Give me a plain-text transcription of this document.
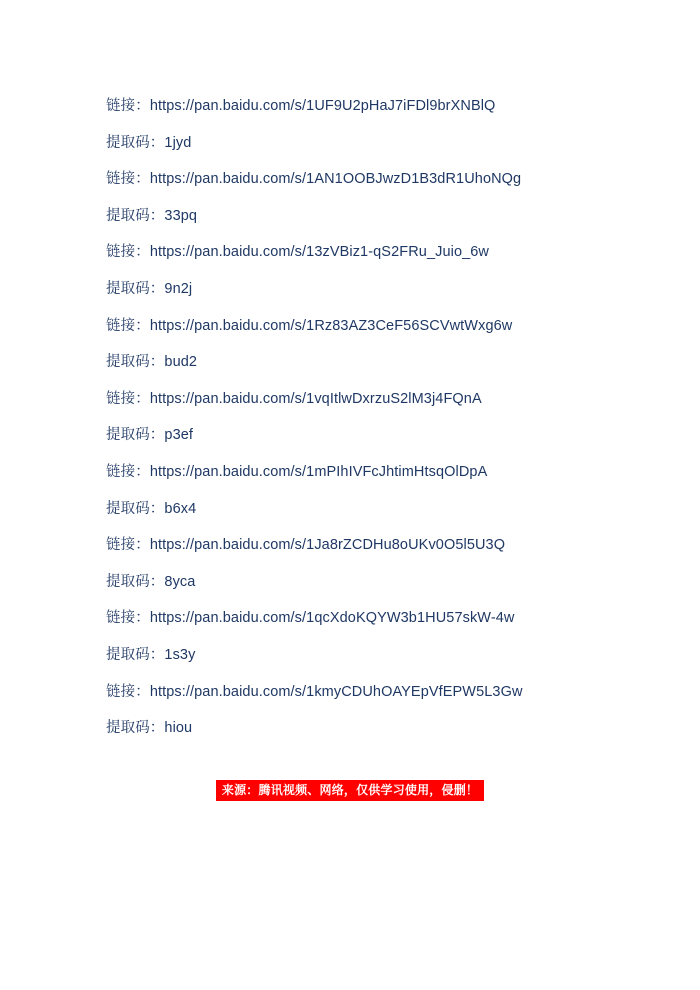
链接：https://pan.baidu.com/s/1UF9U2pHaJ7iFDl9brXNBlQ
提取码：1jyd
链接：https://pan.baidu.com/s/1AN1OOBJwzD1B3dR1UhoNQg
提取码：33pq
链接：https://pan.baidu.com/s/13zVBiz1-qS2FRu_Juio_6w
提取码：9n2j
链接：https://pan.baidu.com/s/1Rz83AZ3CeF56SCVwtWxg6w
提取码：bud2
链接：https://pan.baidu.com/s/1vqItlwDxrzuS2lM3j4FQnA
提取码：p3ef
链接：https://pan.baidu.com/s/1mPIhIVFcJhtimHtsqOlDpA
提取码：b6x4
链接：https://pan.baidu.com/s/1Ja8rZCDHu8oUKv0O5l5U3Q
提取码：8yca
链接：https://pan.baidu.com/s/1qcXdoKQYW3b1HU57skW-4w
提取码：1s3y
链接：https://pan.baidu.com/s/1kmyCDUhOAYEpVfEPW5L3Gw
提取码：hiou
来源：腾讯视频、网络，仅供学习使用，侵删！
